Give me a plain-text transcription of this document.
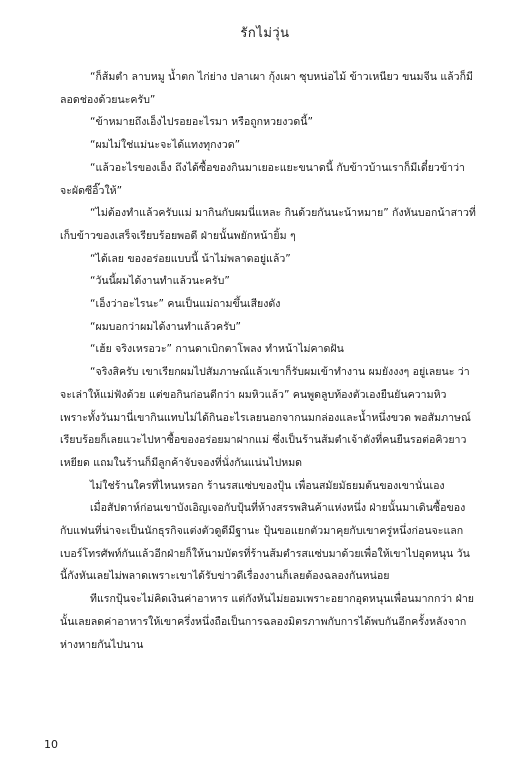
รักไม่วุ่น

“ก็ส้มตำ ลาบหมู น้ำตก ไก่ย่าง ปลาเผา กุ้งเผา ซุบหน่อไม้ ข้าวเหนียว ขนมจีน แล้วก็มีลอดช่องด้วยนะครับ”

“ข้าหมายถึงเอ็งไปรอยอะไรมา หรือถูกหวยงวดนี้”

“ผมไม่ใช่แม่นะจะได้แทงทุกงวด”

“แล้วอะไรของเอ็ง ถึงได้ซื้อของกินมาเยอะแยะขนาดนี้ กับข้าวบ้านเราก็มีเดี๋ยวข้าว่าจะผัดซีอิ๊วให้”

“ไม่ต้องทำแล้วครับแม่ มากินกับผมนี่แหละ กินด้วยกันนะน้าหมาย” กังหันบอกน้าสาวที่เก็บข้าวของเสร็จเรียบร้อยพอดี ฝ่ายนั้นพยักหน้ายิ้ม ๆ

“ได้เลย ของอร่อยแบบนี้ น้าไม่พลาดอยู่แล้ว”

“วันนี้ผมได้งานทำแล้วนะครับ”

“เอ็งว่าอะไรนะ” คนเป็นแม่ถามขึ้นเสียงดัง

“ผมบอกว่าผมได้งานทำแล้วครับ”

“เฮ้ย จริงเหรอวะ” กานดาเบิกตาโพลง ทำหน้าไม่คาดฝัน

“จริงสิครับ เขาเรียกผมไปสัมภาษณ์แล้วเขาก็รับผมเข้าทำงาน ผมยังงงๆ อยู่เลยนะ ว่าจะเล่าให้แม่ฟังด้วย แต่ขอกินก่อนดีกว่า ผมหิวแล้ว” คนพูดลูบท้องตัวเองยืนยันความหิว เพราะทั้งวันมานี่เขากินแทบไม่ได้กินอะไรเลยนอกจากนมกล่องและน้ำหนึ่งขวด พอสัมภาษณ์เรียบร้อยก็เลยแวะไปหาซื้อของอร่อยมาฝากแม่ ซึ่งเป็นร้านส้มตำเจ้าดังที่คนยืนรอต่อคิวยาวเหยียด แถมในร้านก็มีลูกค้าจับจองที่นั่งกันแน่นไปหมด

ไม่ใช่ร้านใครที่ไหนหรอก ร้านรสแซ่บของปุ้น เพื่อนสมัยมัธยมต้นของเขานั่นเอง

เมื่อสัปดาห์ก่อนเขาบังเอิญเจอกับปุ้นที่ห้างสรรพสินค้าแห่งหนึ่ง ฝ่ายนั้นมาเดินซื้อของกับแฟนที่น่าจะเป็นนักธุรกิจแต่งตัวดูดีมีฐานะ ปุ้นขอแยกตัวมาคุยกับเขาครู่หนึ่งก่อนจะแลกเบอร์โทรศัพท์กันแล้วอีกฝ่ายก็ให้นามบัตรที่ร้านส้มตำรสแซ่บมาด้วยเพื่อให้เขาไปอุดหนุน วันนี้กังหันเลยไม่พลาดเพราะเขาได้รับข่าวดีเรื่องงานก็เลยต้องฉลองกันหน่อย

ทีแรกปุ้นจะไม่คิดเงินค่าอาหาร แต่กังหันไม่ยอมเพราะอยากอุดหนุนเพื่อนมากกว่า ฝ่ายนั้นเลยลดค่าอาหารให้เขาครึ่งหนึ่งถือเป็นการฉลองมิตรภาพกับการได้พบกันอีกครั้งหลังจากห่างหายกันไปนาน

10
